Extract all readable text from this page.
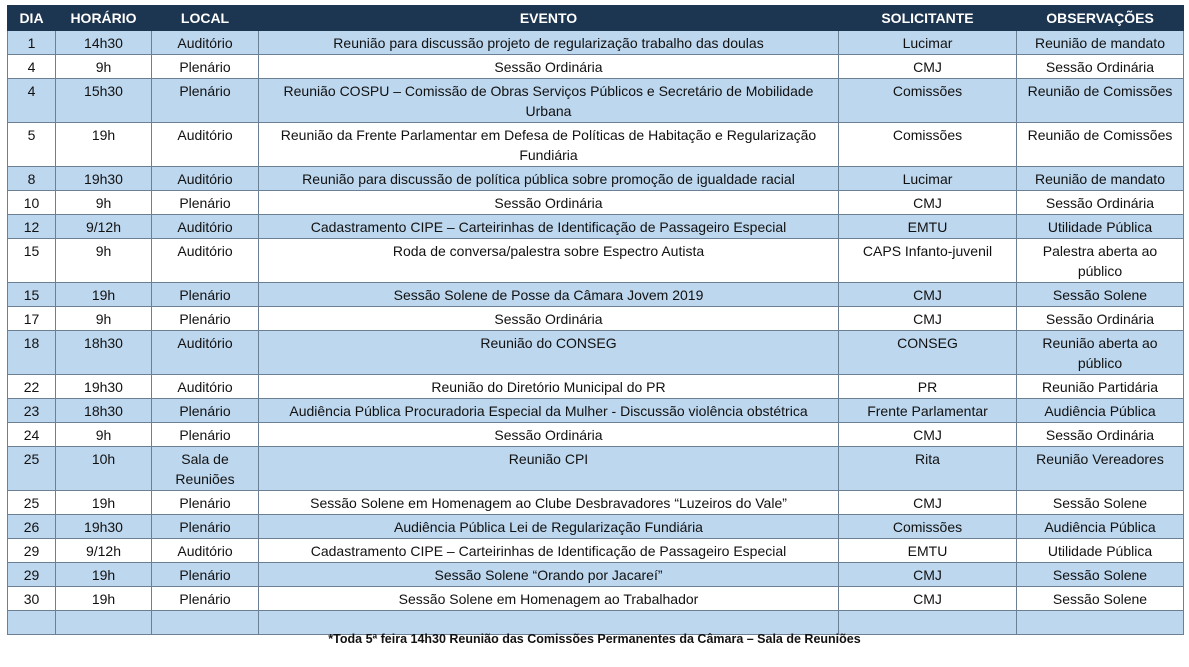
DIA	HORÁRIO	LOCAL	EVENTO	SOLICITANTE	OBSERVAÇÕES
1	14h30	Auditório	Reunião para discussão projeto de regularização trabalho das doulas	Lucimar	Reunião de mandato
4	9h	Plenário	Sessão Ordinária	CMJ	Sessão Ordinária
4	15h30	Plenário	Reunião COSPU – Comissão de Obras Serviços Públicos e Secretário de Mobilidade Urbana	Comissões	Reunião de Comissões
5	19h	Auditório	Reunião da Frente Parlamentar em Defesa de Políticas de Habitação e Regularização Fundiária	Comissões	Reunião de Comissões
8	19h30	Auditório	Reunião para discussão de política pública sobre promoção de igualdade racial	Lucimar	Reunião de mandato
10	9h	Plenário	Sessão Ordinária	CMJ	Sessão Ordinária
12	9/12h	Auditório	Cadastramento CIPE – Carteirinhas de Identificação de Passageiro Especial	EMTU	Utilidade Pública
15	9h	Auditório	Roda de conversa/palestra sobre Espectro Autista	CAPS Infanto-juvenil	Palestra aberta ao público
15	19h	Plenário	Sessão Solene de Posse da Câmara Jovem 2019	CMJ	Sessão Solene
17	9h	Plenário	Sessão Ordinária	CMJ	Sessão Ordinária
18	18h30	Auditório	Reunião do CONSEG	CONSEG	Reunião aberta ao público
22	19h30	Auditório	Reunião do Diretório Municipal do PR	PR	Reunião Partidária
23	18h30	Plenário	Audiência Pública Procuradoria Especial da Mulher - Discussão violência obstétrica	Frente Parlamentar	Audiência Pública
24	9h	Plenário	Sessão Ordinária	CMJ	Sessão Ordinária
25	10h	Sala de Reuniões	Reunião CPI	Rita	Reunião Vereadores
25	19h	Plenário	Sessão Solene em Homenagem ao Clube Desbravadores “Luzeiros do Vale”	CMJ	Sessão Solene
26	19h30	Plenário	Audiência Pública Lei de Regularização Fundiária	Comissões	Audiência Pública
29	9/12h	Auditório	Cadastramento CIPE – Carteirinhas de Identificação de Passageiro Especial	EMTU	Utilidade Pública
29	19h	Plenário	Sessão Solene “Orando por Jacareí”	CMJ	Sessão Solene
30	19h	Plenário	Sessão Solene em Homenagem ao Trabalhador	CMJ	Sessão Solene

*Toda 5ª feira 14h30 Reunião das Comissões Permanentes da Câmara – Sala de Reuniões
